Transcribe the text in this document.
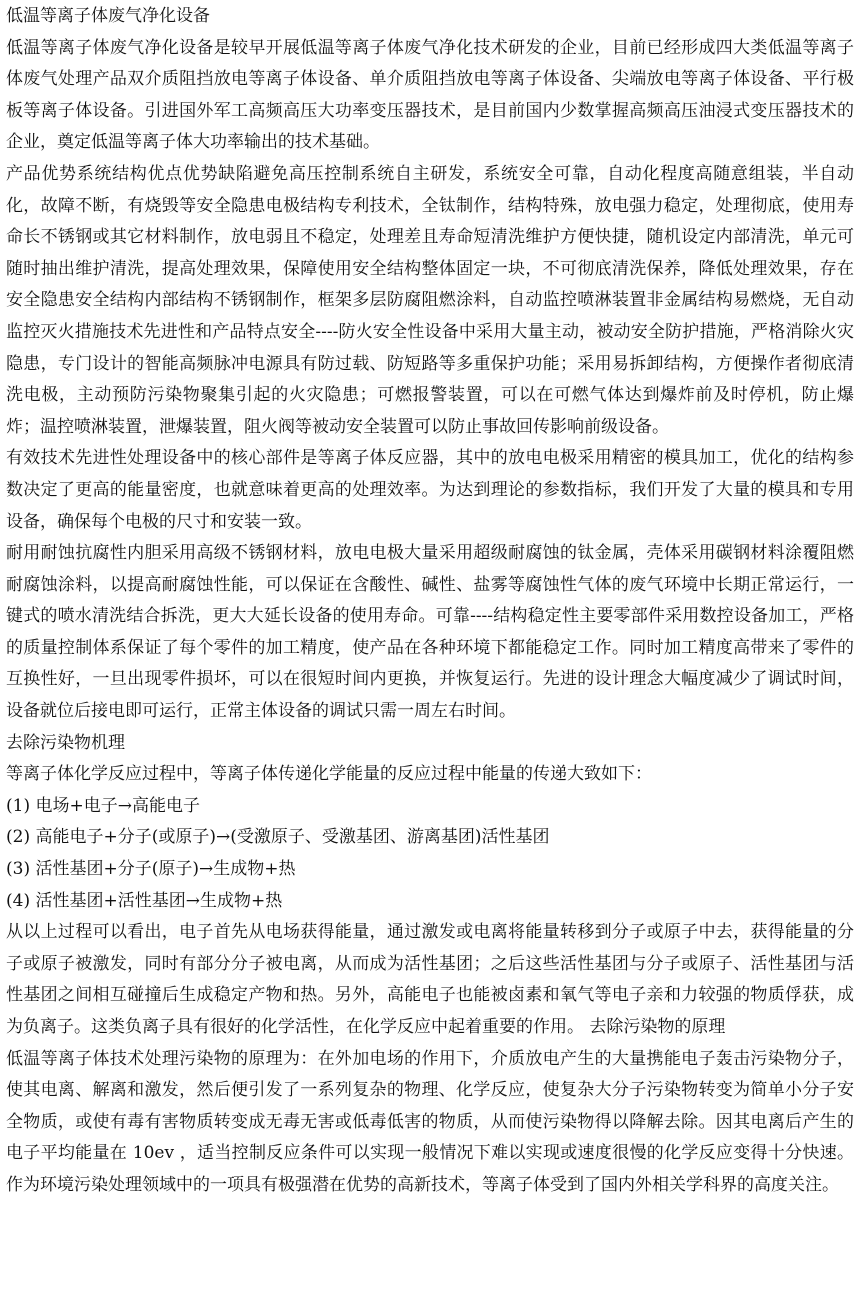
低温等离子体废气净化设备

低温等离子体废气净化设备是较早开展低温等离子体废气净化技术研发的企业，目前已经形成四大类低温等离子体废气处理产品双介质阻挡放电等离子体设备、单介质阻挡放电等离子体设备、尖端放电等离子体设备、平行极板等离子体设备。引进国外军工高频高压大功率变压器技术，是目前国内少数掌握高频高压油浸式变压器技术的企业，奠定低温等离子体大功率输出的技术基础。

产品优势系统结构优点优势缺陷避免高压控制系统自主研发，系统安全可靠，自动化程度高随意组装，半自动化，故障不断，有烧毁等安全隐患电极结构专利技术，全钛制作，结构特殊，放电强力稳定，处理彻底，使用寿命长不锈钢或其它材料制作，放电弱且不稳定，处理差且寿命短清洗维护方便快捷，随机设定内部清洗，单元可随时抽出维护清洗，提高处理效果，保障使用安全结构整体固定一块，不可彻底清洗保养，降低处理效果，存在安全隐患安全结构内部结构不锈钢制作，框架多层防腐阻燃涂料，自动监控喷淋装置非金属结构易燃烧，无自动监控灭火措施技术先进性和产品特点安全----防火安全性设备中采用大量主动，被动安全防护措施，严格消除火灾隐患，专门设计的智能高频脉冲电源具有防过载、防短路等多重保护功能；采用易拆卸结构，方便操作者彻底清洗电极，主动预防污染物聚集引起的火灾隐患；可燃报警装置，可以在可燃气体达到爆炸前及时停机，防止爆炸；温控喷淋装置，泄爆装置，阻火阀等被动安全装置可以防止事故回传影响前级设备。

有效技术先进性处理设备中的核心部件是等离子体反应器，其中的放电电极采用精密的模具加工，优化的结构参数决定了更高的能量密度，也就意味着更高的处理效率。为达到理论的参数指标，我们开发了大量的模具和专用设备，确保每个电极的尺寸和安装一致。

耐用耐蚀抗腐性内胆采用高级不锈钢材料，放电电极大量采用超级耐腐蚀的钛金属，壳体采用碳钢材料涂覆阻燃耐腐蚀涂料，以提高耐腐蚀性能，可以保证在含酸性、碱性、盐雾等腐蚀性气体的废气环境中长期正常运行，一键式的喷水清洗结合拆洗，更大大延长设备的使用寿命。可靠----结构稳定性主要零部件采用数控设备加工，严格的质量控制体系保证了每个零件的加工精度，使产品在各种环境下都能稳定工作。同时加工精度高带来了零件的互换性好，一旦出现零件损坏，可以在很短时间内更换，并恢复运行。先进的设计理念大幅度减少了调试时间，设备就位后接电即可运行，正常主体设备的调试只需一周左右时间。

去除污染物机理

等离子体化学反应过程中，等离子体传递化学能量的反应过程中能量的传递大致如下：

(1) 电场+电子→高能电子

(2) 高能电子+分子(或原子)→(受激原子、受激基团、游离基团)活性基团

(3) 活性基团+分子(原子)→生成物+热

(4) 活性基团+活性基团→生成物+热

从以上过程可以看出，电子首先从电场获得能量，通过激发或电离将能量转移到分子或原子中去，获得能量的分子或原子被激发，同时有部分分子被电离，从而成为活性基团；之后这些活性基团与分子或原子、活性基团与活性基团之间相互碰撞后生成稳定产物和热。另外，高能电子也能被卤素和氧气等电子亲和力较强的物质俘获，成为负离子。这类负离子具有很好的化学活性，在化学反应中起着重要的作用。 去除污染物的原理

低温等离子体技术处理污染物的原理为：在外加电场的作用下，介质放电产生的大量携能电子轰击污染物分子，使其电离、解离和激发，然后便引发了一系列复杂的物理、化学反应，使复杂大分子污染物转变为简单小分子安全物质，或使有毒有害物质转变成无毒无害或低毒低害的物质，从而使污染物得以降解去除。因其电离后产生的电子平均能量在 10ev ，适当控制反应条件可以实现一般情况下难以实现或速度很慢的化学反应变得十分快速。作为环境污染处理领域中的一项具有极强潜在优势的高新技术，等离子体受到了国内外相关学科界的高度关注。
